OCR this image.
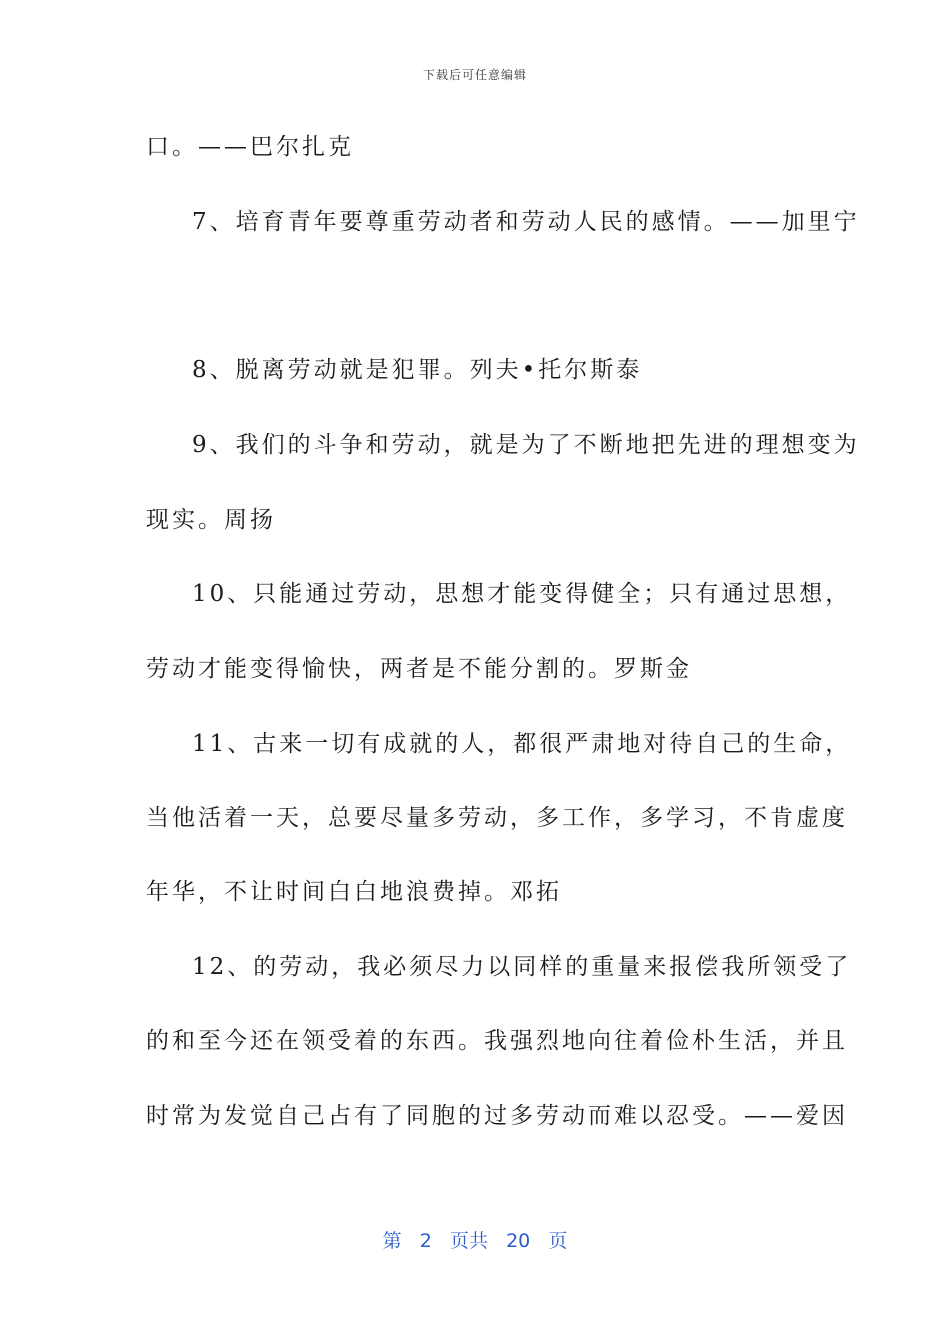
下载后可任意编辑
口。——巴尔扎克
7、培育青年要尊重劳动者和劳动人民的感情。——加里宁
8、脱离劳动就是犯罪。列夫•托尔斯泰
9、我们的斗争和劳动，就是为了不断地把先进的理想变为
现实。周扬
10、只能通过劳动，思想才能变得健全；只有通过思想，
劳动才能变得愉快，两者是不能分割的。罗斯金
11、古来一切有成就的人，都很严肃地对待自己的生命，
当他活着一天，总要尽量多劳动，多工作，多学习，不肯虚度
年华，不让时间白白地浪费掉。邓拓
12、的劳动，我必须尽力以同样的重量来报偿我所领受了
的和至今还在领受着的东西。我强烈地向往着俭朴生活，并且
时常为发觉自己占有了同胞的过多劳动而难以忍受。——爱因
第 2 页共 20 页
